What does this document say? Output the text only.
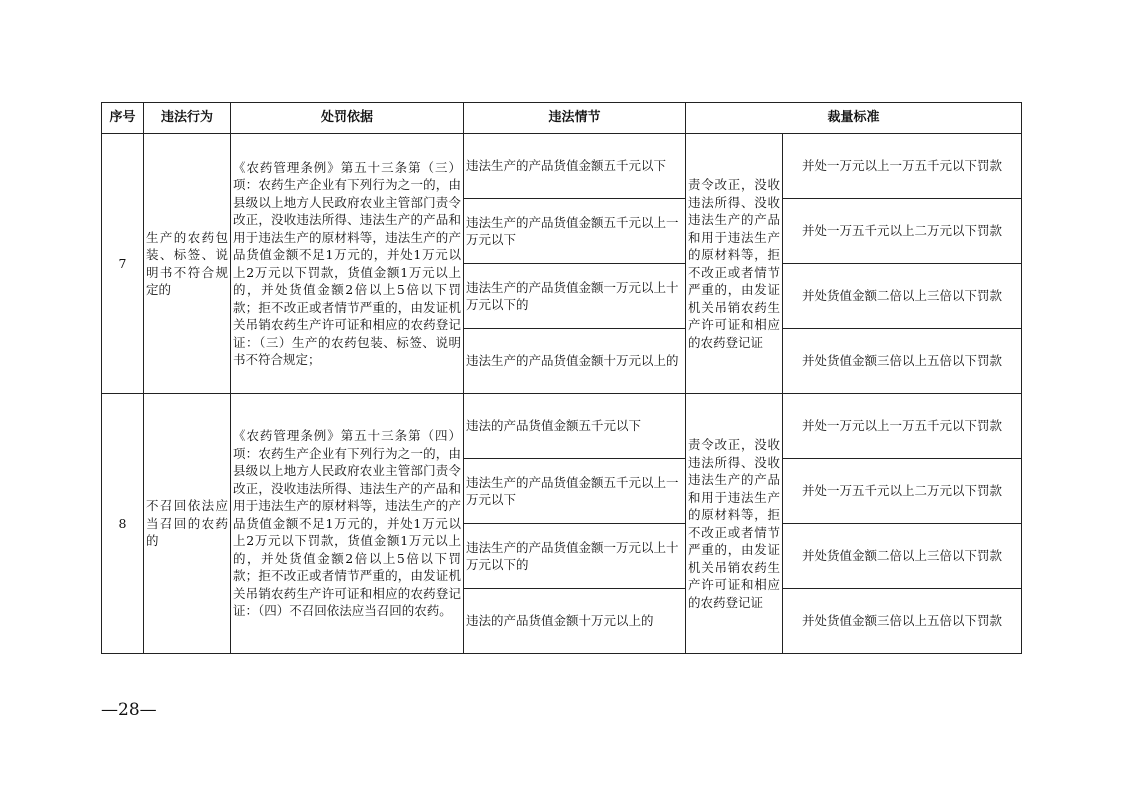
序号	违法行为	处罚依据	违法情节	裁量标准	
7	生产的农药包装、标签、说明书不符合规定的	《农药管理条例》第五十三条第（三）项：农药生产企业有下列行为之一的，由县级以上地方人民政府农业主管部门责令改正，没收违法所得、违法生产的产品和用于违法生产的原材料等，违法生产的产品货值金额不足1万元的，并处1万元以上2万元以下罚款，货值金额1万元以上的，并处货值金额2倍以上5倍以下罚款；拒不改正或者情节严重的，由发证机关吊销农药生产许可证和相应的农药登记证：（三）生产的农药包装、标签、说明书不符合规定；	违法生产的产品货值金额五千元以下	责令改正，没收违法所得、没收违法生产的产品和用于违法生产的原材料等，拒不改正或者情节严重的，由发证机关吊销农药生产许可证和相应的农药登记证	并处一万元以上一万五千元以下罚款
			违法生产的产品货值金额五千元以上一万元以下		并处一万五千元以上二万元以下罚款
			违法生产的产品货值金额一万元以上十万元以下的		并处货值金额二倍以上三倍以下罚款
			违法生产的产品货值金额十万元以上的		并处货值金额三倍以上五倍以下罚款
8	不召回依法应当召回的农药的	《农药管理条例》第五十三条第（四）项：农药生产企业有下列行为之一的，由县级以上地方人民政府农业主管部门责令改正，没收违法所得、违法生产的产品和用于违法生产的原材料等，违法生产的产品货值金额不足1万元的，并处1万元以上2万元以下罚款，货值金额1万元以上的，并处货值金额2倍以上5倍以下罚款；拒不改正或者情节严重的，由发证机关吊销农药生产许可证和相应的农药登记证：（四）不召回依法应当召回的农药。	违法的产品货值金额五千元以下	责令改正，没收违法所得、没收违法生产的产品和用于违法生产的原材料等，拒不改正或者情节严重的，由发证机关吊销农药生产许可证和相应的农药登记证	并处一万元以上一万五千元以下罚款
			违法生产的产品货值金额五千元以上一万元以下		并处一万五千元以上二万元以下罚款
			违法生产的产品货值金额一万元以上十万元以下的		并处货值金额二倍以上三倍以下罚款
			违法的产品货值金额十万元以上的		并处货值金额三倍以上五倍以下罚款
—28—
